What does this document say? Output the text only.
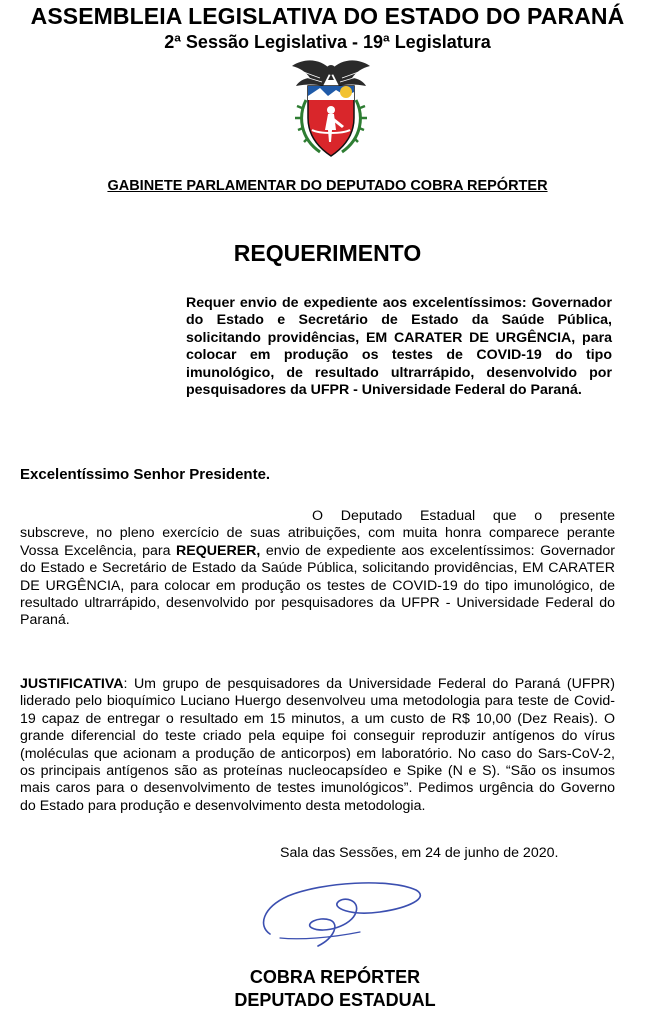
ASSEMBLEIA LEGISLATIVA DO ESTADO DO PARANÁ
2ª Sessão Legislativa - 19ª Legislatura
GABINETE PARLAMENTAR DO DEPUTADO COBRA REPÓRTER
REQUERIMENTO

Requer envio de expediente aos excelentíssimos: Governador do Estado e Secretário de Estado da Saúde Pública, solicitando providências, EM CARATER DE URGÊNCIA, para colocar em produção os testes de COVID-19 do tipo imunológico, de resultado ultrarrápido, desenvolvido por pesquisadores da UFPR - Universidade Federal do Paraná.

Excelentíssimo Senhor Presidente.

O Deputado Estadual que o presente subscreve, no pleno exercício de suas atribuições, com muita honra comparece perante Vossa Excelência, para REQUERER, envio de expediente aos excelentíssimos: Governador do Estado e Secretário de Estado da Saúde Pública, solicitando providências, EM CARATER DE URGÊNCIA, para colocar em produção os testes de COVID-19 do tipo imunológico, de resultado ultrarrápido, desenvolvido por pesquisadores da UFPR - Universidade Federal do Paraná.

JUSTIFICATIVA: Um grupo de pesquisadores da Universidade Federal do Paraná (UFPR) liderado pelo bioquímico Luciano Huergo desenvolveu uma metodologia para teste de Covid-19 capaz de entregar o resultado em 15 minutos, a um custo de R$ 10,00 (Dez Reais). O grande diferencial do teste criado pela equipe foi conseguir reproduzir antígenos do vírus (moléculas que acionam a produção de anticorpos) em laboratório. No caso do Sars-CoV-2, os principais antígenos são as proteínas nucleocapsídeo e Spike (N e S). “São os insumos mais caros para o desenvolvimento de testes imunológicos”. Pedimos urgência do Governo do Estado para produção e desenvolvimento desta metodologia.

Sala das Sessões, em 24 de junho de 2020.
COBRA REPÓRTER
DEPUTADO ESTADUAL
